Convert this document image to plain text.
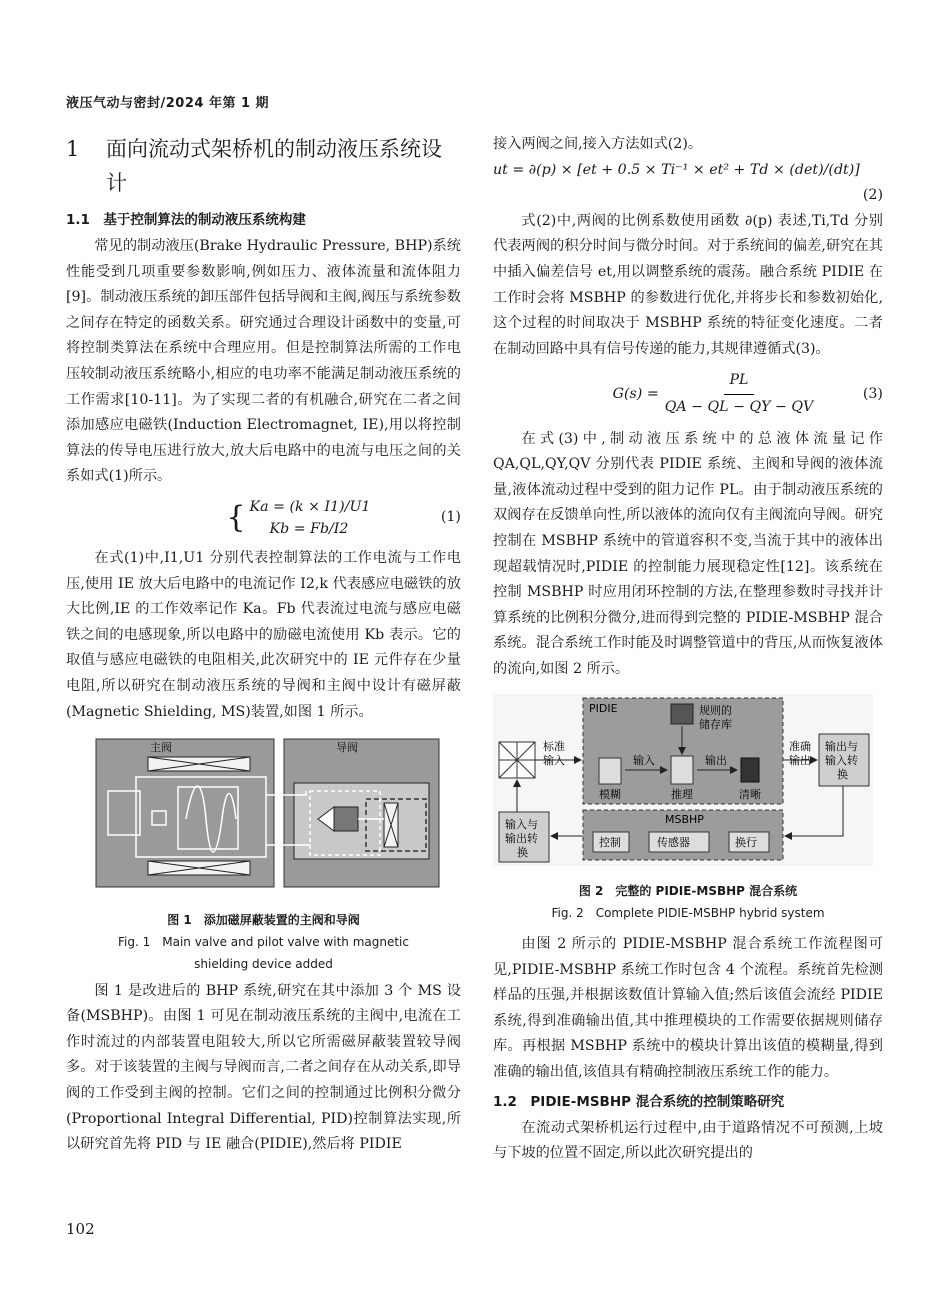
液压气动与密封/2024 年第 1 期
1	面向流动式架桥机的制动液压系统设计
1.1　基于控制算法的制动液压系统构建

常见的制动液压(Brake Hydraulic Pressure, BHP)系统性能受到几项重要参数影响,例如压力、液体流量和流体阻力[9]。制动液压系统的卸压部件包括导阀和主阀,阀压与系统参数之间存在特定的函数关系。研究通过合理设计函数中的变量,可将控制类算法在系统中合理应用。但是控制算法所需的工作电压较制动液压系统略小,相应的电功率不能满足制动液压系统的工作需求[10-11]。为了实现二者的有机融合,研究在二者之间添加感应电磁铁(Induction Electromagnet, IE),用以将控制算法的传导电压进行放大,放大后电路中的电流与电压之间的关系如式(1)所示。

{ Ka = (k × I1)/U1
Kb = Fb/I2
(1)

在式(1)中,I1,U1 分别代表控制算法的工作电流与工作电压,使用 IE 放大后电路中的电流记作 I2,k 代表感应电磁铁的放大比例,IE 的工作效率记作 Ka。Fb 代表流过电流与感应电磁铁之间的电感现象,所以电路中的励磁电流使用 Kb 表示。它的取值与感应电磁铁的电阻相关,此次研究中的 IE 元件存在少量电阻,所以研究在制动液压系统的导阀和主阀中设计有磁屏蔽(Magnetic Shielding, MS)装置,如图 1 所示。

主阀	导阀
图 1　添加磁屏蔽装置的主阀和导阀
Fig. 1　Main valve and pilot valve with magnetic
shielding device added

图 1 是改进后的 BHP 系统,研究在其中添加 3 个 MS 设备(MSBHP)。由图 1 可见在制动液压系统的主阀中,电流在工作时流过的内部装置电阻较大,所以它所需磁屏蔽装置较导阀多。对于该装置的主阀与导阀而言,二者之间存在从动关系,即导阀的工作受到主阀的控制。它们之间的控制通过比例积分微分(Proportional Integral Differential, PID)控制算法实现,所以研究首先将 PID 与 IE 融合(PIDIE),然后将 PIDIE

接入两阀之间,接入方法如式(2)。

ut = ∂(p) × [et + 0.5 × Ti⁻¹ × et² + Td × (det)/(dt)]
(2)

式(2)中,两阀的比例系数使用函数 ∂(p) 表述,Ti,Td 分别代表两阀的积分时间与微分时间。对于系统间的偏差,研究在其中插入偏差信号 et,用以调整系统的震荡。融合系统 PIDIE 在工作时会将 MSBHP 的参数进行优化,并将步长和参数初始化,这个过程的时间取决于 MSBHP 系统的特征变化速度。二者在制动回路中具有信号传递的能力,其规律遵循式(3)。

$G(s) = \frac{PL}{QA - QL - QY - QV}$	(3)

在式(3)中,制动液压系统中的总液体流量记作 QA,QL,QY,QV 分别代表 PIDIE 系统、主阀和导阀的液体流量,液体流动过程中受到的阻力记作 PL。由于制动液压系统的双阀存在反馈单向性,所以液体的流向仅有主阀流向导阀。研究控制在 MSBHP 系统中的管道容积不变,当流于其中的液体出现超载情况时,PIDIE 的控制能力展现稳定性[12]。该系统在控制 MSBHP 时应用闭环控制的方法,在整理参数时寻找并计算系统的比例积分微分,进而得到完整的 PIDIE-MSBHP 混合系统。混合系统工作时能及时调整管道中的背压,从而恢复液体的流向,如图 2 所示。

PIDIE	规则的
储存库
输入	输出
模糊	推理	清晰
标准
输入
准确
输出
输出与
输入转
换
MSBHP
控制	传感器	换行
输入与
输出转
换
图 2　完整的 PIDIE-MSBHP 混合系统
Fig. 2　Complete PIDIE-MSBHP hybrid system

由图 2 所示的 PIDIE-MSBHP 混合系统工作流程图可见,PIDIE-MSBHP 系统工作时包含 4 个流程。系统首先检测样品的压强,并根据该数值计算输入值;然后该值会流经 PIDIE 系统,得到准确输出值,其中推理模块的工作需要依据规则储存库。再根据 MSBHP 系统中的模块计算出该值的模糊量,得到准确的输出值,该值具有精确控制液压系统工作的能力。

1.2　PIDIE-MSBHP 混合系统的控制策略研究

在流动式架桥机运行过程中,由于道路情况不可预测,上坡与下坡的位置不固定,所以此次研究提出的

102
